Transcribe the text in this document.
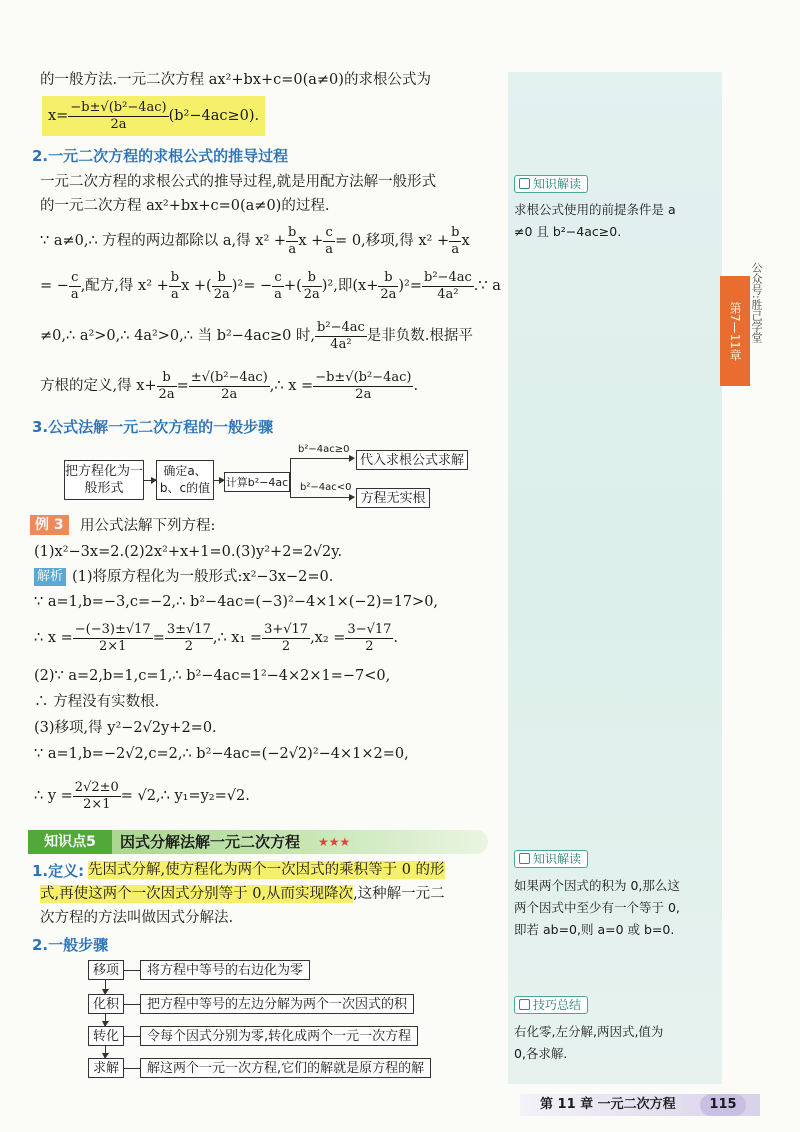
公众号:胜己学堂
第7—11章
的一般方法.一元二次方程 ax²+bx+c=0(a≠0)的求根公式为
$x= \frac{\text{−b±√(b²−4ac)}}{2a} (b^2-4ac\ge 0)$.
2.一元二次方程的求根公式的推导过程
一元二次方程的求根公式的推导过程,就是用配方法解一般形式
的一元二次方程 ax²+bx+c=0(a≠0)的过程.
∵ a≠0,∴ 方程的两边都除以 a,得 $x^2 + \frac{b}{a}$ $x + \frac{c}{a} = 0$,移项,得 $x^2 + \frac{b}{a}$ x
= − $\frac{c}{a}$ ,配方,得 $x^2 + \frac{b}{a}$ x + ( $\frac{b}{2a} )^2$ = − $\frac{c}{a}$ + ( $\frac{b}{2a} )^2$ ,即 $(x+ \frac{b}{2a} )^2 = \frac{\text{b²−4ac}}{\text{4a²}}$ .∵ a
≠0,∴ a²>0,∴ 4a²>0,∴ 当 b²−4ac≥0 时, $\frac{\text{b²−4ac}}{\text{4a²}}$ 是非负数.根据平
方根的定义,得 $x+ \frac{b}{2a} = \frac{\text{±√(b²−4ac)}}{2a}$ ,∴ $x = \frac{\text{−b±√(b²−4ac)}}{2a}$ .
3.公式法解一元二次方程的一般步骤
把方程化为一般形式
确定a、b、c的值	计算b²−4ac
b²−4ac≥0
b²−4ac<0
代入求根公式求解
方程无实根
例 3	用公式法解下列方程:
(1)x²−3x=2.(2)2x²+x+1=0.(3)y²+2=2√2y.
解析 (1)将原方程化为一般形式:x²−3x−2=0.
∵ a=1,b=−3,c=−2,∴ b²−4ac=(−3)²−4×1×(−2)=17>0,
∴ $x = \frac{-(-3)\pm√17}{2\times 1} = \frac{3\pm√17}{2}$ ,∴ $x_1 = \frac{3+√17}{2} ,x_2 = \frac{3-√17}{2}$ .
(2)∵ a=2,b=1,c=1,∴ b²−4ac=1²−4×2×1=−7<0,
∴ 方程没有实数根.
(3)移项,得 y²−2√2y+2=0.
∵ a=1,b=−2√2,c=2,∴ b²−4ac=(−2√2)²−4×1×2=0,
∴ $y = \frac{2√2\pm 0}{2\times 1}$ = √2,∴ y₁=y₂=√2.
知识点5	因式分解法解一元二次方程 ★★★
1.定义: 先因式分解,使方程化为两个一次因式的乘积等于 0 的形
式,再使这两个一次因式分别等于 0,从而实现降次,这种解一元二
次方程的方法叫做因式分解法.
2.一般步骤
移项	将方程中等号的右边化为零
化积	把方程中等号的左边分解为两个一次因式的积
转化	令每个因式分别为零,转化成两个一元一次方程
求解	解这两个一元一次方程,它们的解就是原方程的解
知识解读
求根公式使用的前提条件是 a
≠0 且 b²−4ac≥0.
知识解读
如果两个因式的积为 0,那么这
两个因式中至少有一个等于 0,
即若 ab=0,则 a=0 或 b=0.
技巧总结
右化零,左分解,两因式,值为
0,各求解.
第 11 章 一元二次方程	115
